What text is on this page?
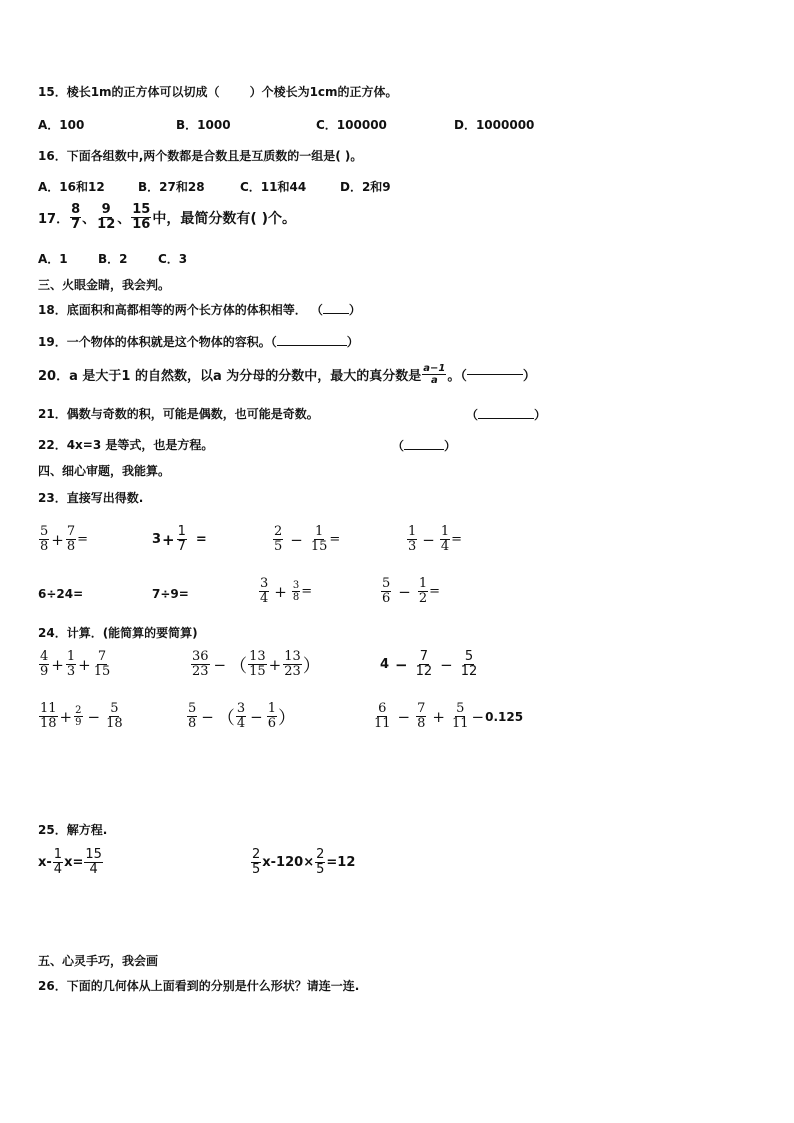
15．棱长1m的正方体可以切成（	）个棱长为1cm的正方体。
A．100	B．1000	C．100000	D．1000000
16．下面各组数中,两个数都是合数且是互质数的一组是( )。
A．16和12	B．27和28	C．11和44	D．2和9
17． $\frac{8}{7}$ 、 $\frac{9}{12}$ 、 $\frac{15}{16}$ 中，最简分数有( )个。
A．1	B．2	C．3
三、火眼金睛，我会判。
18．底面积和高都相等的两个长方体的体积相等． （ ）
19．一个物体的体积就是这个物体的容积。（	）
20．a 是大于1 的自然数，以a 为分母的分数中，最大的真分数是 $\frac{a-1}{a}$ 。（	）
21．偶数与奇数的积，可能是偶数，也可能是奇数。	（	）
22．4x=3 是等式，也是方程。	（	）
四、细心审题，我能算。
23．直接写出得数.
$\frac{5}{8} + \frac{7}{8}$ =	$3 + \frac{1}{7}$ =	$\frac{2}{5} - \frac{1}{15}$ =	$\frac{1}{3} - \frac{1}{4}$ =
6÷24=	7÷9=	$\frac{3}{4} + \frac{3}{8}$ =	$\frac{5}{6} - \frac{1}{2}$ =
24．计算．(能简算的要简算)
$\frac{4}{9} + \frac{1}{3} + \frac{7}{15}$	$\frac{36}{23}$ − （ $\frac{13}{15} + \frac{13}{23}$ ）	$4 - \frac{7}{12} - \frac{5}{12}$
$\frac{11}{18} + \frac{2}{9} - \frac{5}{18}$	$\frac{5}{8}$ − （ $\frac{3}{4} - \frac{1}{6}$ ）	$\frac{6}{11} - \frac{7}{8} + \frac{5}{11} - 0.125$
25．解方程.
$x- \frac{1}{4} x= \frac{15}{4}$	$\frac{2}{5} x-120\times \frac{2}{5} =12$
五、心灵手巧，我会画
26．下面的几何体从上面看到的分别是什么形状？请连一连.
